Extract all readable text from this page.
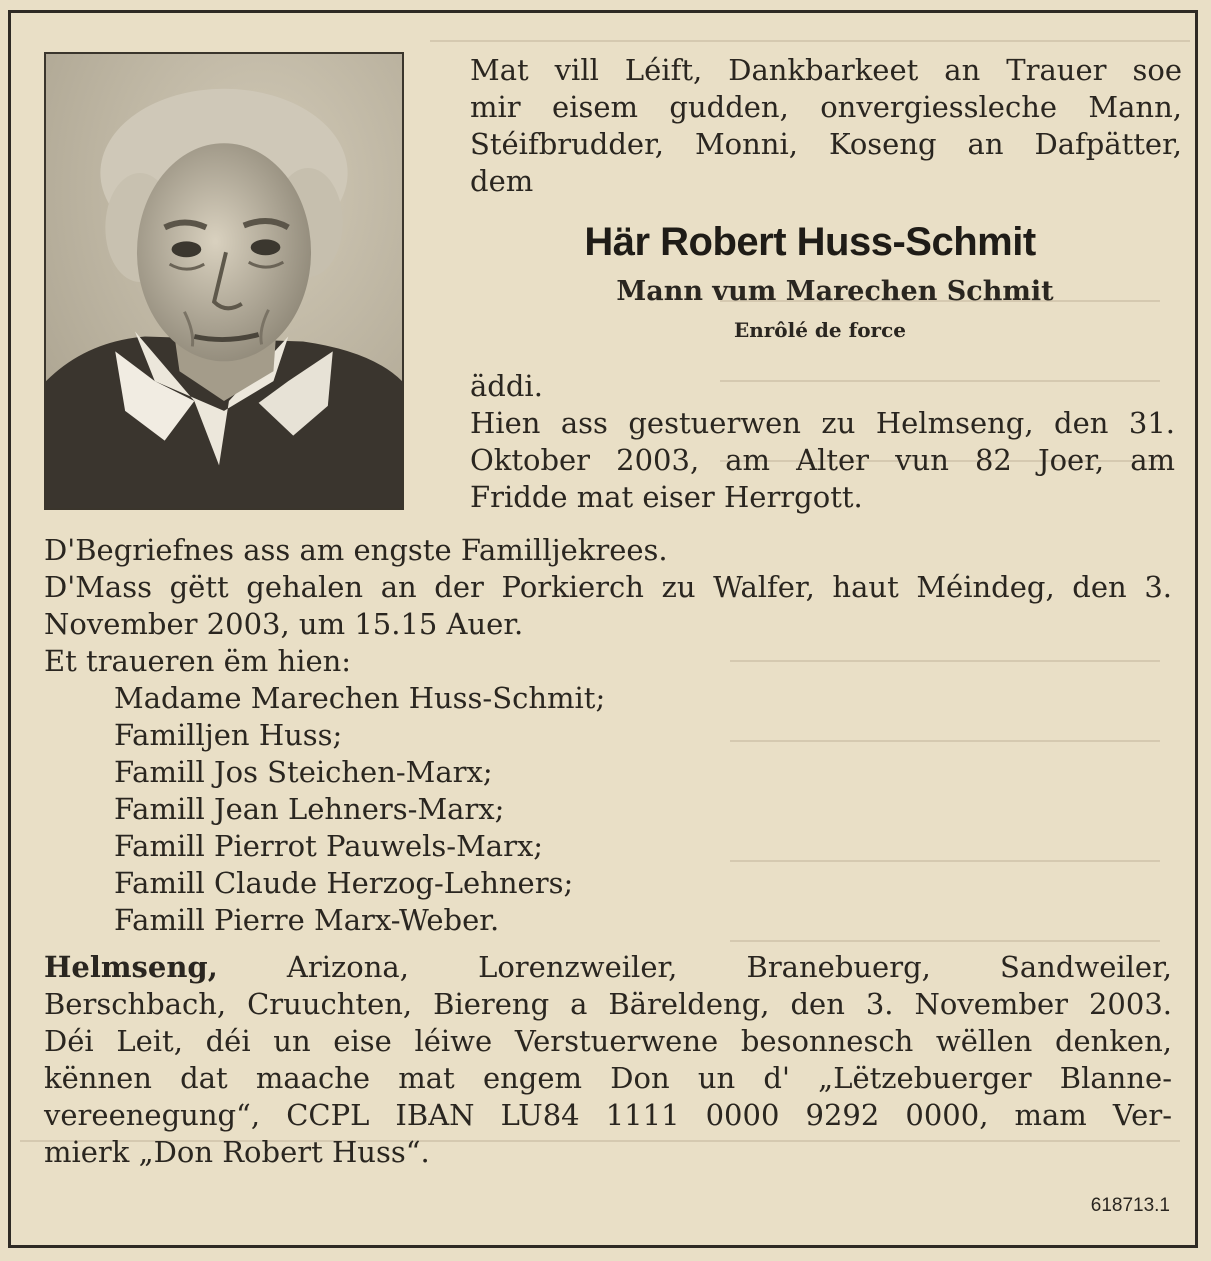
Mat vill Léift, Dankbarkeet an Trauer soe

mir eisem gudden, onvergiessleche Mann,

Stéifbrudder, Monni, Koseng an Dafpätter,

dem

Här Robert Huss-Schmit
Mann vum Marechen Schmit
Enrôlé de force

äddi.

Hien ass gestuerwen zu Helmseng, den 31.

Oktober 2003, am Alter vun 82 Joer, am

Fridde mat eiser Herrgott.

D'Begriefnes ass am engste Familljekrees.

D'Mass gëtt gehalen an der Porkierch zu Walfer, haut Méindeg, den 3.

November 2003, um 15.15 Auer.

Et traueren ëm hien:

Madame Marechen Huss-Schmit;

Familljen Huss;

Famill Jos Steichen-Marx;

Famill Jean Lehners-Marx;

Famill Pierrot Pauwels-Marx;

Famill Claude Herzog-Lehners;

Famill Pierre Marx-Weber.

Helmseng, Arizona, Lorenzweiler, Branebuerg, Sandweiler,

Berschbach, Cruuchten, Biereng a Bäreldeng, den 3. November 2003.

Déi Leit, déi un eise léiwe Verstuerwene besonnesch wëllen denken,

kënnen dat maache mat engem Don un d' „Lëtzebuerger Blanne-

vereenegung“, CCPL IBAN LU84 1111 0000 9292 0000, mam Ver-

mierk „Don Robert Huss“.

618713.1
